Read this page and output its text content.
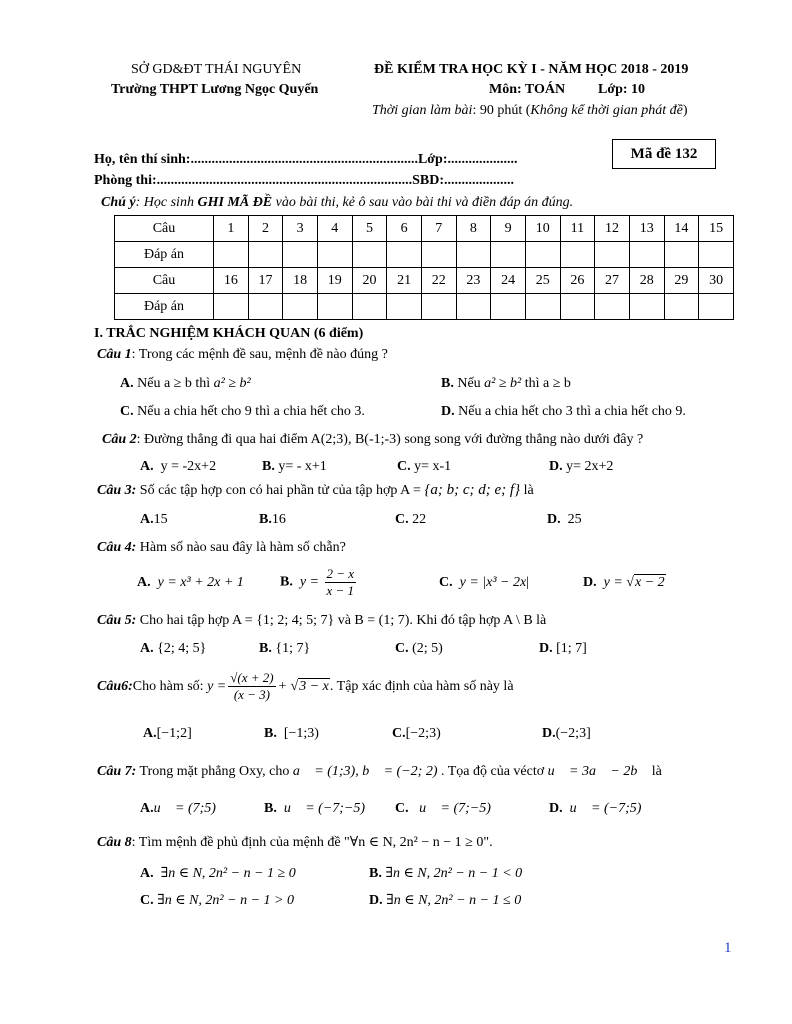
SỞ GD&ĐT THÁI NGUYÊN
Trường THPT Lương Ngọc Quyến
ĐỀ KIỂM TRA HỌC KỲ I - NĂM HỌC 2018 - 2019
Môn: TOÁN Lớp: 10
Thời gian làm bài: 90 phút (Không kể thời gian phát đề)
Mã đề 132
Họ, tên thí sinh:.................................................................Lớp:....................
Phòng thi:.........................................................................SBD:....................
Chú ý: Học sinh GHI MÃ ĐỀ vào bài thi, kẻ ô sau vào bài thi và điền đáp án đúng.
Câu	1	2	3	4	5	6	7	8	9	10	11	12	13	14	15
Đáp án															
Câu	16	17	18	19	20	21	22	23	24	25	26	27	28	29	30
Đáp án															
I. TRẮC NGHIỆM KHÁCH QUAN (6 điểm)
Câu 1: Trong các mệnh đề sau, mệnh đề nào đúng ?
A. Nếu a ≥ b thì a² ≥ b²	B. Nếu a² ≥ b² thì a ≥ b
C. Nếu a chia hết cho 9 thì a chia hết cho 3.	D. Nếu a chia hết cho 3 thì a chia hết cho 9.
Câu 2: Đường thẳng đi qua hai điểm A(2;3), B(-1;-3) song song với đường thẳng nào dưới đây ?
A. y = -2x+2	B. y= - x+1	C. y= x-1	D. y= 2x+2
Câu 3: Số các tập hợp con có hai phần tử của tập hợp A = {a; b; c; d; e; f} là
A.15	B.16	C. 22	D. 25
Câu 4: Hàm số nào sau đây là hàm số chẵn?
A. y = x³ + 2x + 1	B. $y = \frac{2 - x}{x - 1}$	C. y = |x³ − 2x|	D. y = √x − 2
Câu 5: Cho hai tập hợp A = {1; 2; 4; 5; 7} và B = (1; 7). Khi đó tập hợp A \ B là
A. {2; 4; 5}	B. {1; 7}	C. (2; 5)	D. [1; 7]
Câu6: Cho hàm số:
$y = \frac{√(x + 2)}{(x - 3)}$ + √ 3 − x . Tập xác định của hàm số này là
A.[−1;2]	B. [−1;3)	C.[−2;3)	D.(−2;3]
Câu 7: Trong mặt phẳng Oxy, cho a⃗ = (1;3), b⃗ = (−2; 2) . Tọa độ của véctơ u⃗ = 3a⃗ − 2b⃗ là
A.u⃗ = (7;5)	B. u⃗ = (−7;−5) C. u⃗ = (7;−5)	D. u⃗ = (−7;5)
Câu 8: Tìm mệnh đề phủ định của mệnh đề "∀n ∈ N, 2n² − n − 1 ≥ 0".
A. ∃n ∈ N, 2n² − n − 1 ≥ 0	B. ∃n ∈ N, 2n² − n − 1 < 0
C. ∃n ∈ N, 2n² − n − 1 > 0	D. ∃n ∈ N, 2n² − n − 1 ≤ 0
1
